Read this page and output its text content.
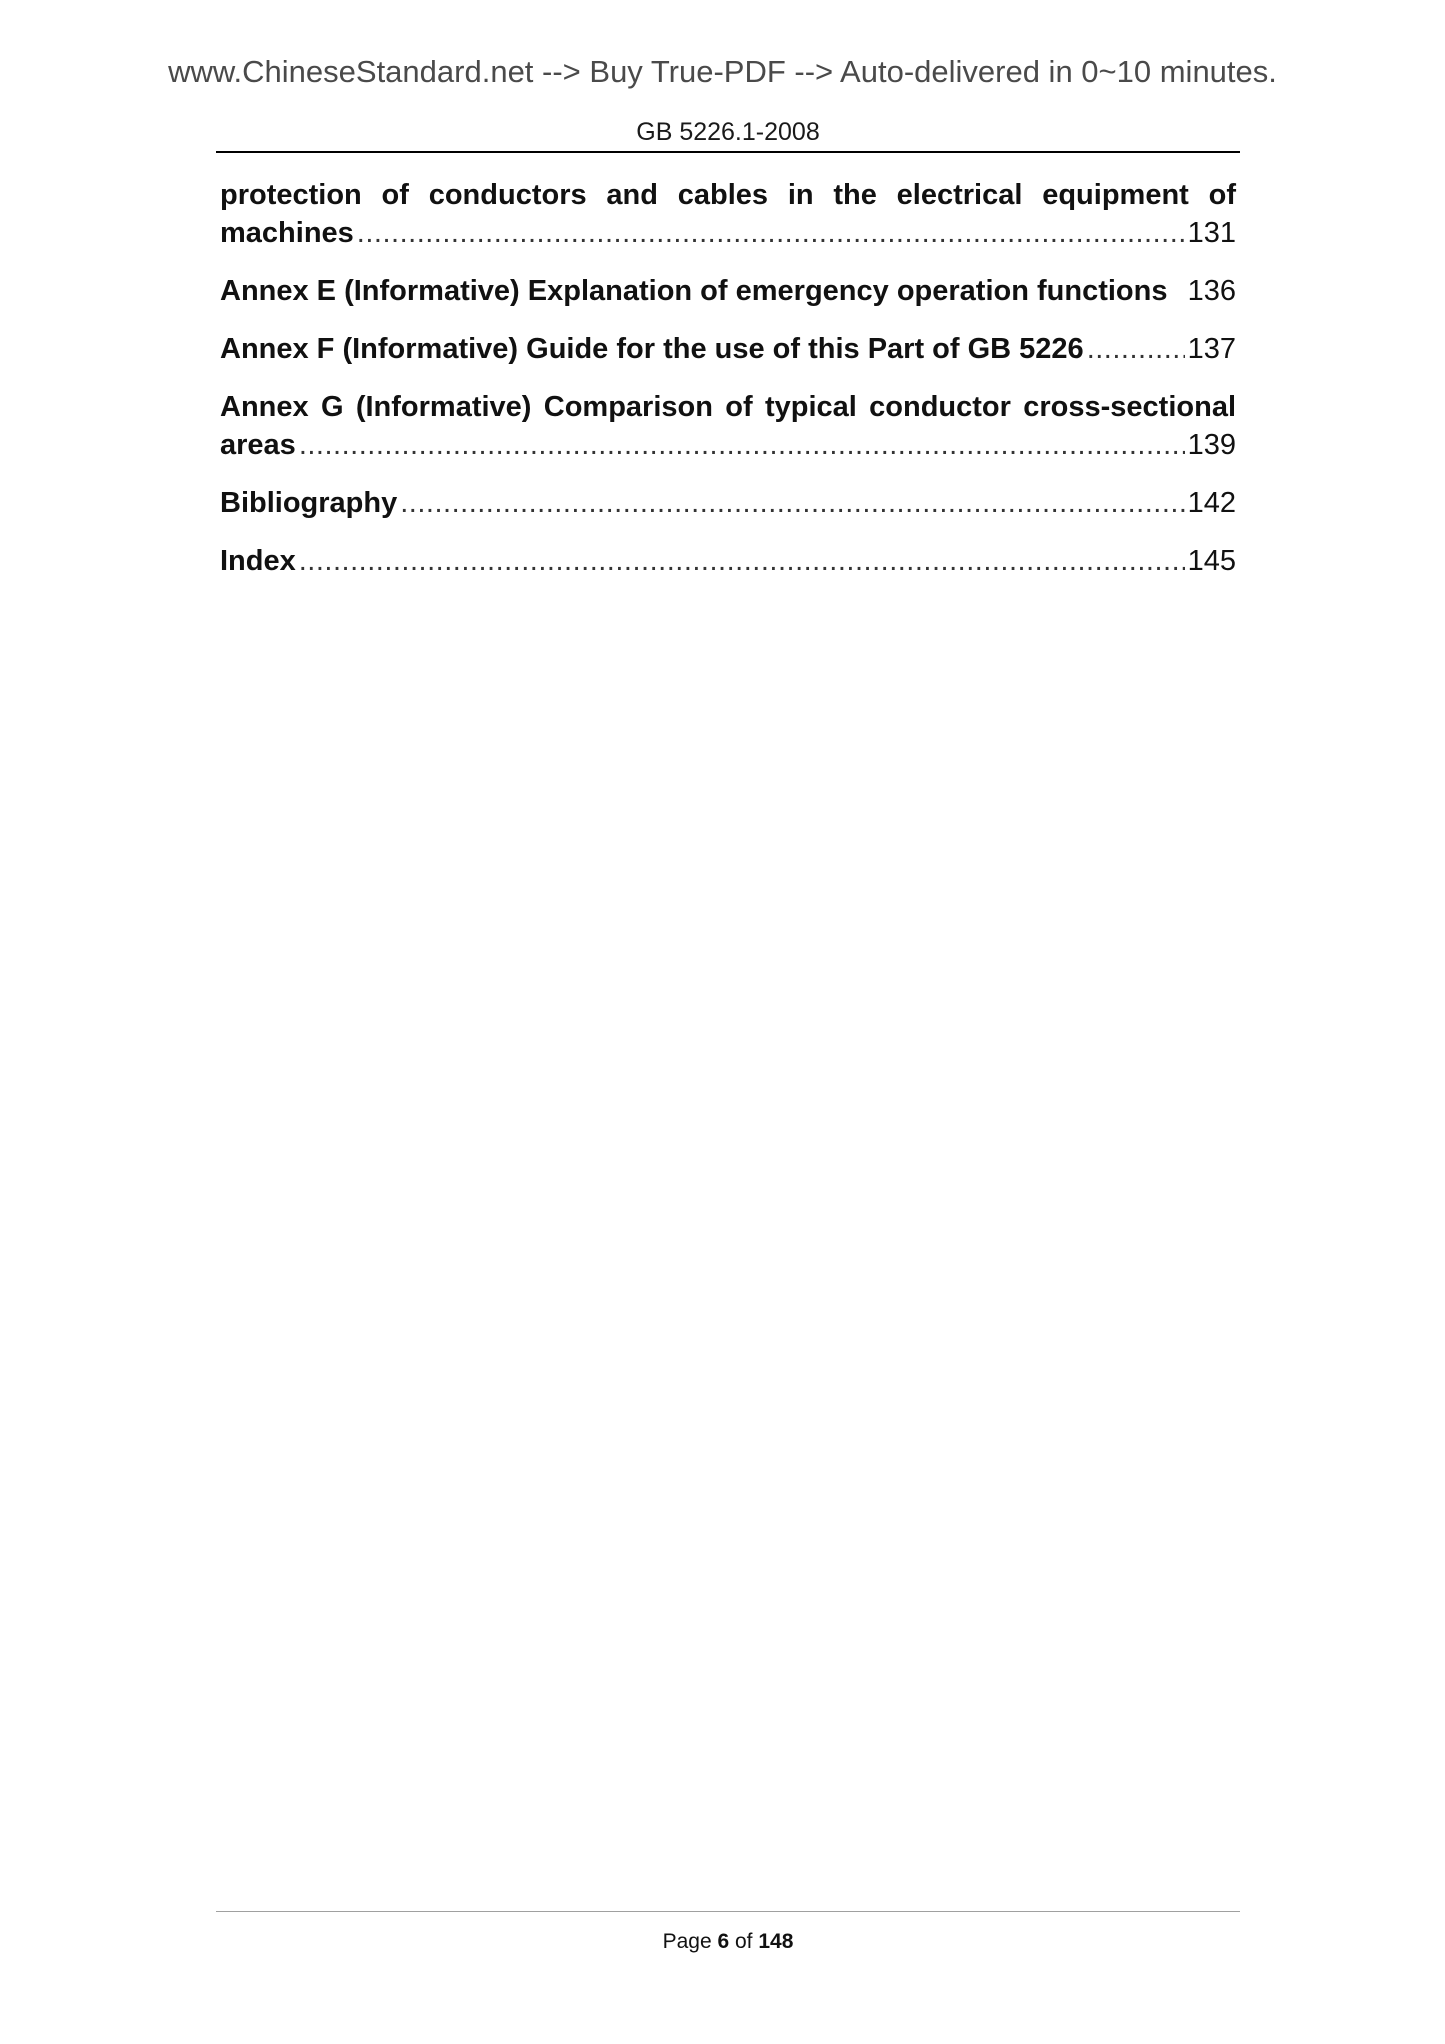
www.ChineseStandard.net --> Buy True-PDF --> Auto-delivered in 0~10 minutes.
GB 5226.1-2008
protection of conductors and cables in the electrical equipment of
machines .....	131
Annex E (Informative) Explanation of emergency operation functions 136
Annex F (Informative) Guide for the use of this Part of GB 5226 .....	137
Annex G (Informative) Comparison of typical conductor cross-sectional
areas .....	139
Bibliography .....	142
Index .....	145
Page 6 of 148
